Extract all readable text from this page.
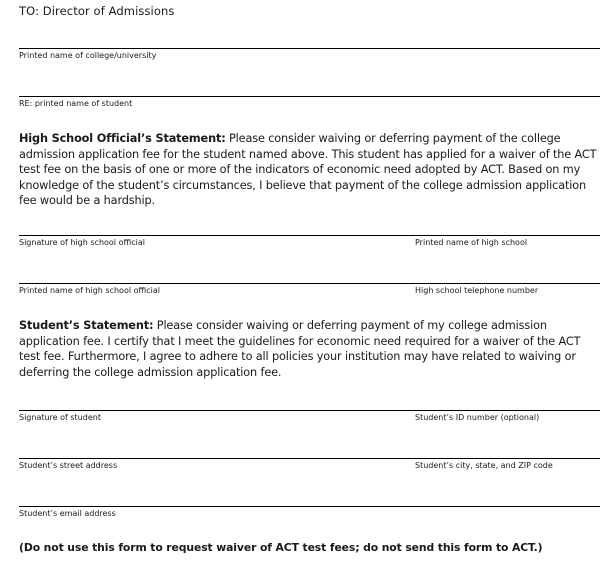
TO: Director of Admissions
Printed name of college/university
RE: printed name of student

High School Official’s Statement: Please consider waiving or deferring payment of the college admission application fee for the student named above. This student has applied for a waiver of the ACT test fee on the basis of one or more of the indicators of economic need adopted by ACT. Based on my knowledge of the student’s circumstances, I believe that payment of the college admission application fee would be a hardship.

Signature of high school official	Printed name of high school
Printed name of high school official	High school telephone number

Student’s Statement: Please consider waiving or deferring payment of my college admission application fee. I certify that I meet the guidelines for economic need required for a waiver of the ACT test fee. Furthermore, I agree to adhere to all policies your institution may have related to waiving or deferring the college admission application fee.

Signature of student	Student’s ID number (optional)
Student’s street address	Student’s city, state, and ZIP code
Student’s email address
(Do not use this form to request waiver of ACT test fees; do not send this form to ACT.)
